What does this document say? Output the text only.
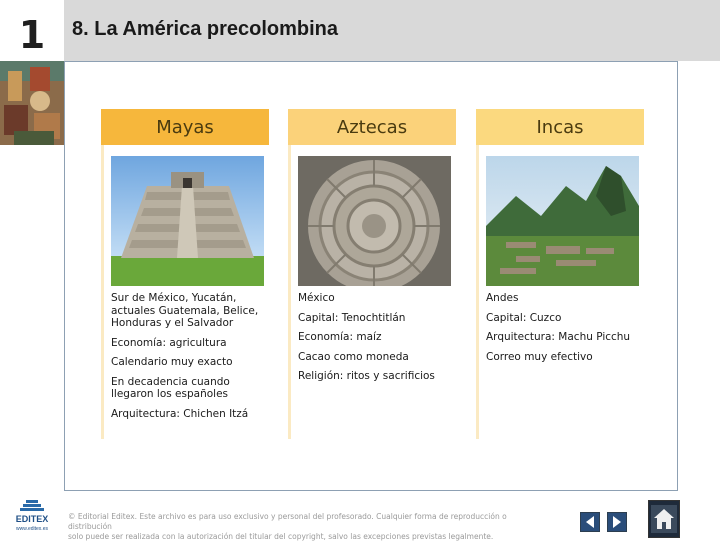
1	8. La América precolombina
Mayas

Sur de México, Yucatán, actuales Guatemala, Belice, Honduras y el Salvador

Economía: agricultura

Calendario muy exacto

En decadencia cuando llegaron los españoles

Arquitectura: Chichen Itzá

Aztecas

México

Capital: Tenochtitlán

Economía: maíz

Cacao como moneda

Religión: ritos y sacrificios

Incas

Andes

Capital: Cuzco

Arquitectura: Machu Picchu

Correo muy efectivo

EDITEX
www.editex.es
© Editorial Editex. Este archivo es para uso exclusivo y personal del profesorado. Cualquier forma de reproducción o distribución
solo puede ser realizada con la autorización del titular del copyright, salvo las excepciones previstas legalmente.
